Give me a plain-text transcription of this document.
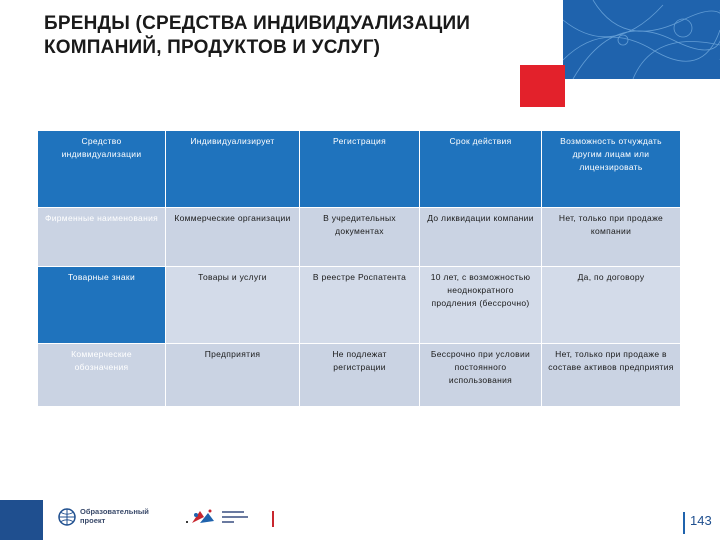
БРЕНДЫ (СРЕДСТВА ИНДИВИДУАЛИЗАЦИИ КОМПАНИЙ, ПРОДУКТОВ И УСЛУГ)
Средство индивидуализации	Индивидуализирует	Регистрация	Срок действия	Возможность отчуждать другим лицам или лицензировать
Фирменные наименования	Коммерческие организации	В учредительных документах	До ликвидации компании	Нет, только при продаже компании
Товарные знаки	Товары и услуги	В реестре Роспатента	10 лет, с возможностью неоднократного продления (бессрочно)	Да, по договору
Коммерческие обозначения	Предприятия	Не подлежат регистрации	Бессрочно при условии постоянного использования	Нет, только при продаже в составе активов предприятия
Образовательный проект	143
